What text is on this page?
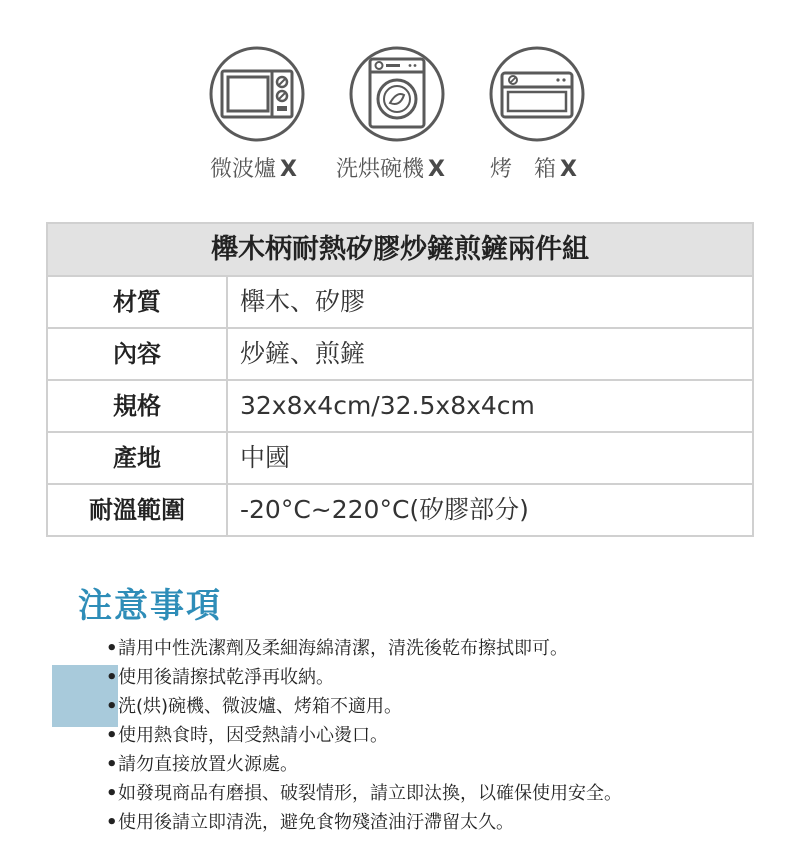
微波爐 X 洗烘碗機 X 烤　箱 X
櫸木柄耐熱矽膠炒鏟煎鏟兩件組
材質	櫸木、矽膠
內容	炒鏟、煎鏟
規格	32x8x4cm/32.5x8x4cm
產地	中國
耐溫範圍	-20°C~220°C(矽膠部分)
注意事項
•請用中性洗潔劑及柔細海綿清潔，清洗後乾布擦拭即可。
•使用後請擦拭乾淨再收納。
•洗(烘)碗機、微波爐、烤箱不適用。
•使用熱食時，因受熱請小心燙口。
•請勿直接放置火源處。
•如發現商品有磨損、破裂情形，請立即汰換，以確保使用安全。
•使用後請立即清洗，避免食物殘渣油汙滯留太久。
